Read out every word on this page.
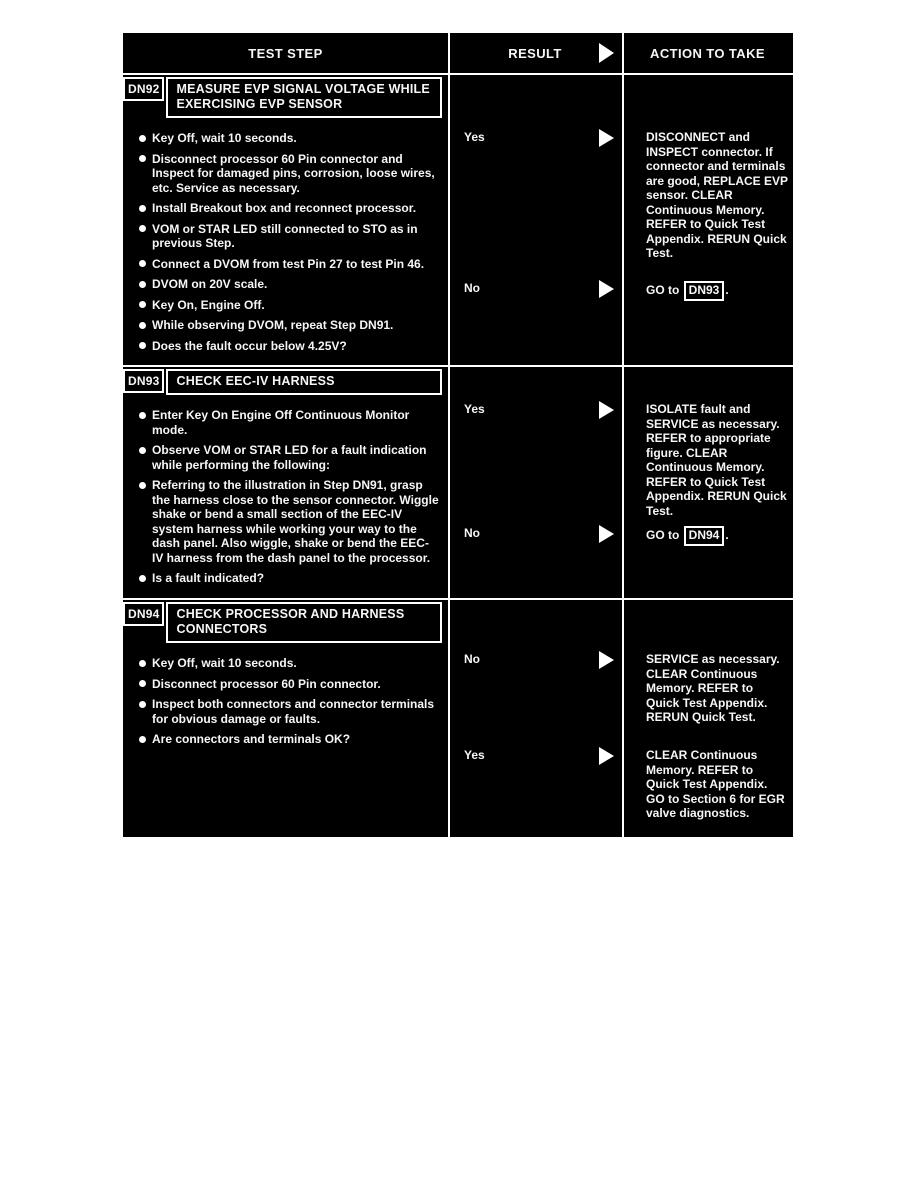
TEST STEP	RESULT	ACTION TO TAKE
DN92	MEASURE EVP SIGNAL VOLTAGE WHILE EXERCISING EVP SENSOR
Key Off, wait 10 seconds.
Disconnect processor 60 Pin connector and Inspect for damaged pins, corrosion, loose wires, etc. Service as necessary.
Install Breakout box and reconnect processor.
VOM or STAR LED still connected to STO as in previous Step.
Connect a DVOM from test Pin 27 to test Pin 46.
DVOM on 20V scale.
Key On, Engine Off.
While observing DVOM, repeat Step DN91.
Does the fault occur below 4.25V?
Yes	DISCONNECT and INSPECT connector. If connector and terminals are good, REPLACE EVP sensor. CLEAR Continuous Memory. REFER to Quick Test Appendix. RERUN Quick Test.
No	GO to DN93 .
DN93	CHECK EEC-IV HARNESS
Enter Key On Engine Off Continuous Monitor mode.
Observe VOM or STAR LED for a fault indication while performing the following:
Referring to the illustration in Step DN91, grasp the harness close to the sensor connector. Wiggle shake or bend a small section of the EEC-IV system harness while working your way to the dash panel. Also wiggle, shake or bend the EEC-IV harness from the dash panel to the processor.
Is a fault indicated?
Yes	ISOLATE fault and SERVICE as necessary. REFER to appropriate figure. CLEAR Continuous Memory. REFER to Quick Test Appendix. RERUN Quick Test.
No	GO to DN94 .
DN94	CHECK PROCESSOR AND HARNESS CONNECTORS
Key Off, wait 10 seconds.
Disconnect processor 60 Pin connector.
Inspect both connectors and connector terminals for obvious damage or faults.
Are connectors and terminals OK?
No	SERVICE as necessary. CLEAR Continuous Memory. REFER to Quick Test Appendix. RERUN Quick Test.
Yes	CLEAR Continuous Memory. REFER to Quick Test Appendix. GO to Section 6 for EGR valve diagnostics.
